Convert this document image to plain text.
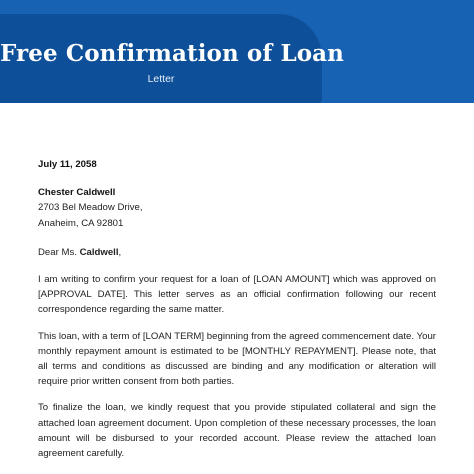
Free Confirmation of Loan
Letter

July 11, 2058

Chester Caldwell

2703 Bel Meadow Drive,

Anaheim, CA 92801

Dear Ms. Caldwell,

I am writing to confirm your request for a loan of [LOAN AMOUNT] which was approved on [APPROVAL DATE]. This letter serves as an official confirmation following our recent correspondence regarding the same matter.

This loan, with a term of [LOAN TERM] beginning from the agreed commencement date. Your monthly repayment amount is estimated to be [MONTHLY REPAYMENT]. Please note, that all terms and conditions as discussed are binding and any modification or alteration will require prior written consent from both parties.

To finalize the loan, we kindly request that you provide stipulated collateral and sign the attached loan agreement document. Upon completion of these necessary processes, the loan amount will be disbursed to your recorded account. Please review the attached loan agreement carefully.
